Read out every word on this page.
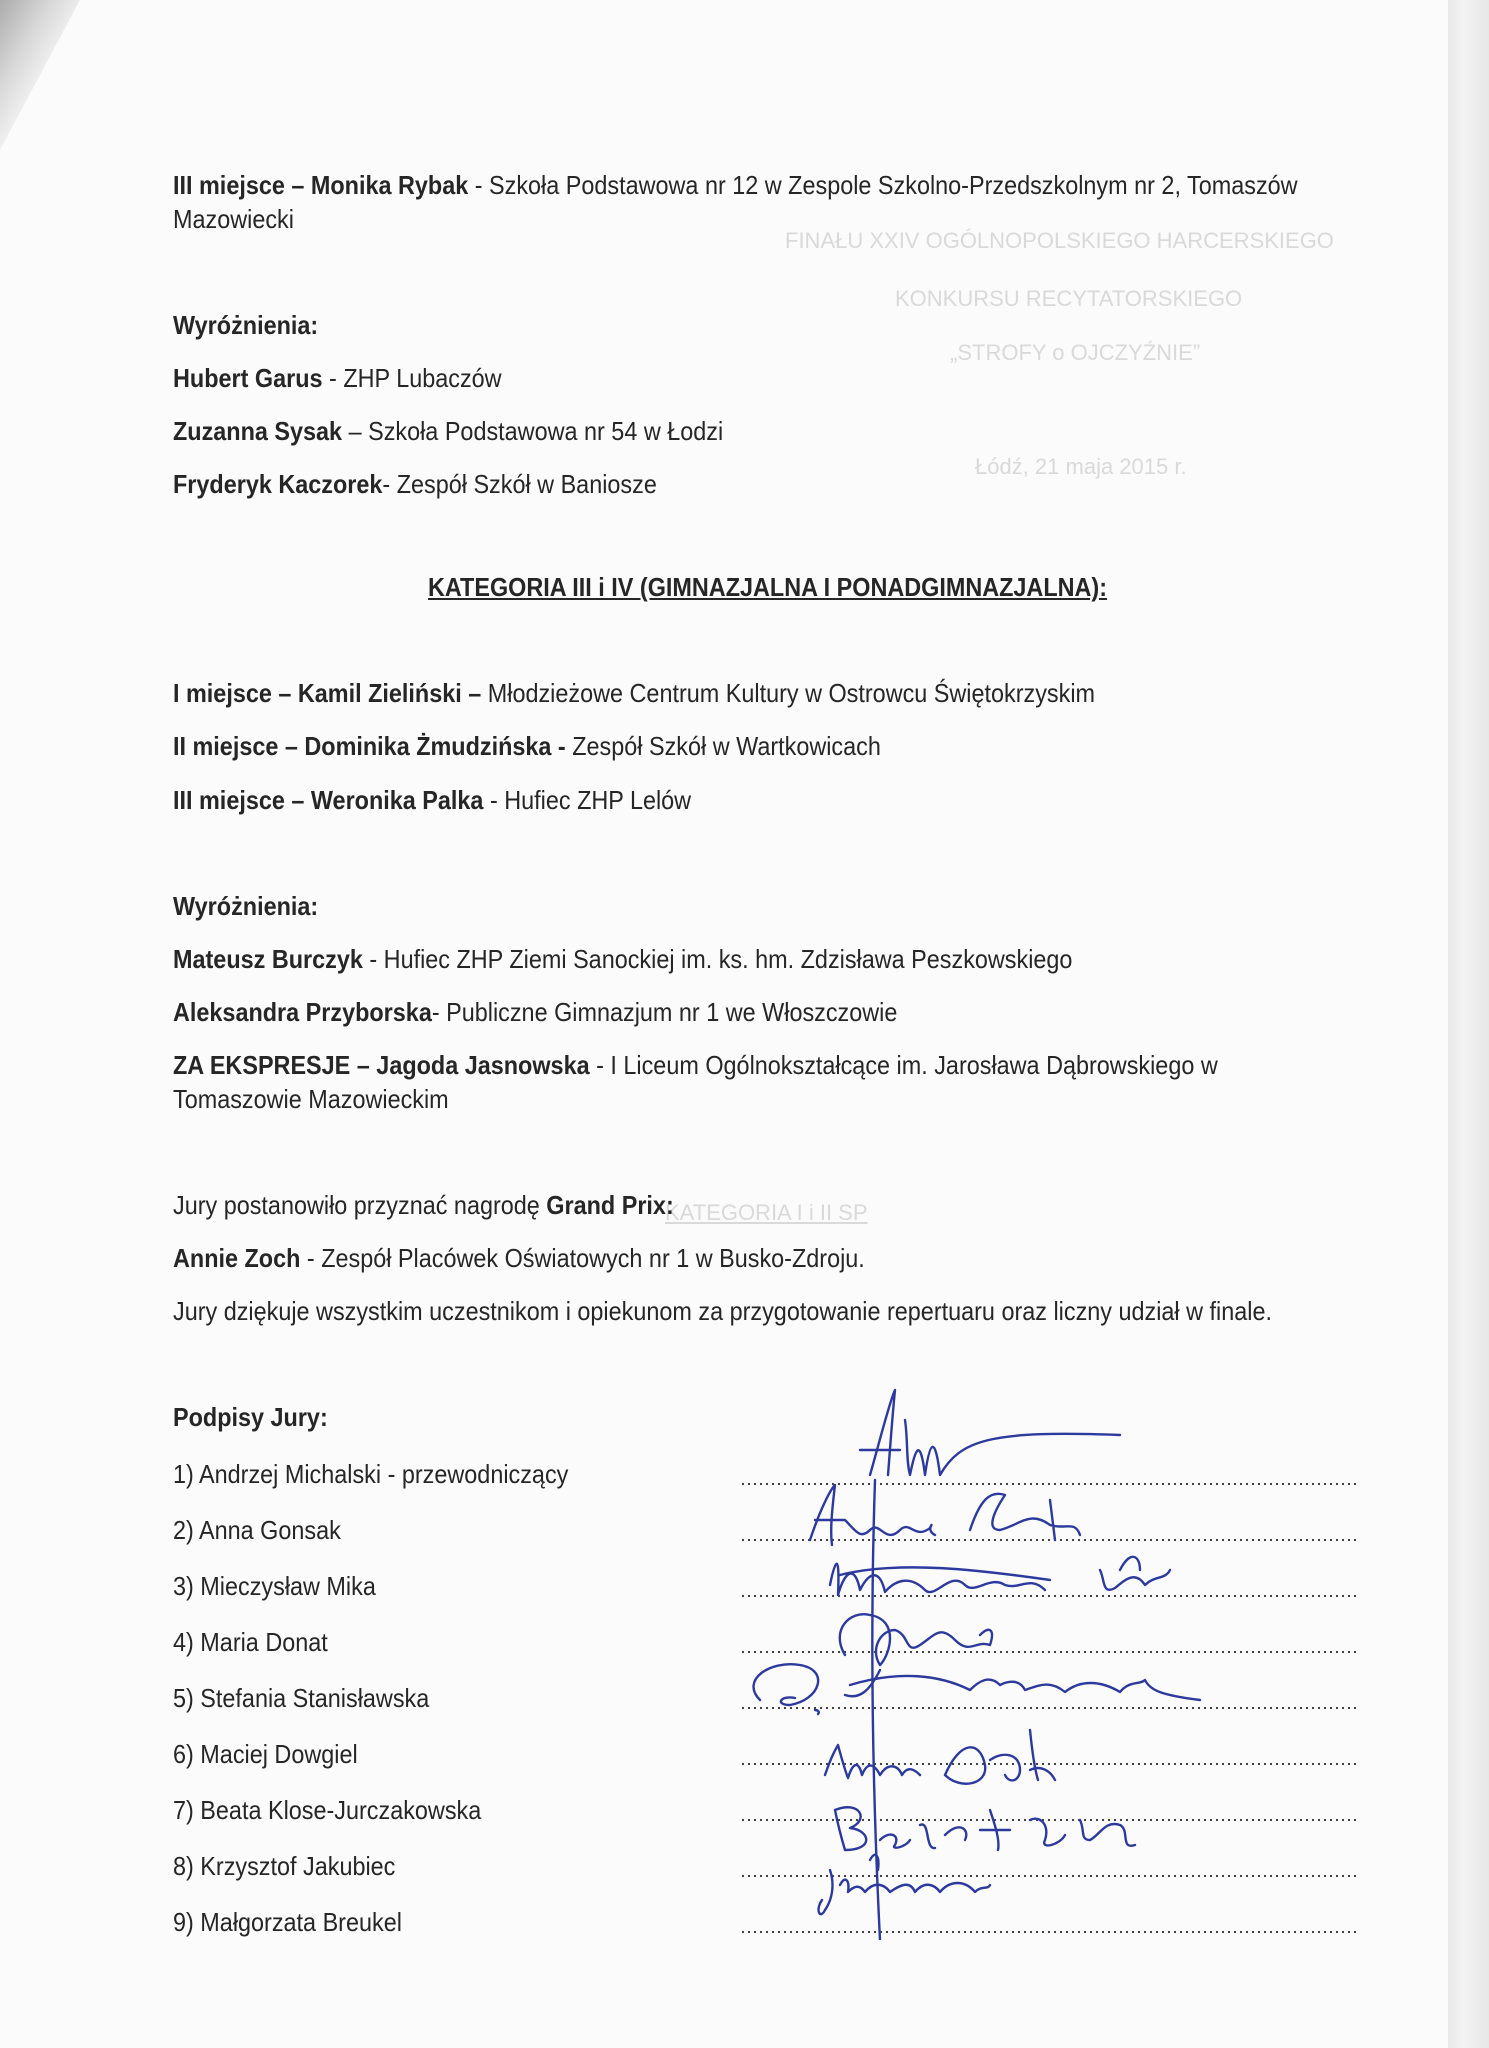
FINAŁU XXIV OGÓLNOPOLSKIEGO HARCERSKIEGO
KONKURSU RECYTATORSKIEGO
„STROFY o OJCZYŹNIE”
Łódź, 21 maja 2015 r.
KATEGORIA I i II SP
III miejsce – Monika Rybak - Szkoła Podstawowa nr 12 w Zespole Szkolno-Przedszkolnym nr 2, Tomaszów
Mazowiecki
Wyróżnienia:
Hubert Garus - ZHP Lubaczów
Zuzanna Sysak – Szkoła Podstawowa nr 54 w Łodzi
Fryderyk Kaczorek- Zespół Szkół w Baniosze
KATEGORIA III i IV (GIMNAZJALNA I PONADGIMNAZJALNA):
I miejsce – Kamil Zieliński – Młodzieżowe Centrum Kultury w Ostrowcu Świętokrzyskim
II miejsce – Dominika Żmudzińska - Zespół Szkół w Wartkowicach
III miejsce – Weronika Palka - Hufiec ZHP Lelów
Wyróżnienia:
Mateusz Burczyk - Hufiec ZHP Ziemi Sanockiej im. ks. hm. Zdzisława Peszkowskiego
Aleksandra Przyborska- Publiczne Gimnazjum nr 1 we Włoszczowie
ZA EKSPRESJE – Jagoda Jasnowska - I Liceum Ogólnokształcące im. Jarosława Dąbrowskiego w
Tomaszowie Mazowieckim
Jury postanowiło przyznać nagrodę Grand Prix:
Annie Zoch - Zespół Placówek Oświatowych nr 1 w Busko-Zdroju.
Jury dziękuje wszystkim uczestnikom i opiekunom za przygotowanie repertuaru oraz liczny udział w finale.
Podpisy Jury:
1) Andrzej Michalski - przewodniczący
2) Anna Gonsak
3) Mieczysław Mika
4) Maria Donat
5) Stefania Stanisławska
6) Maciej Dowgiel
7) Beata Klose-Jurczakowska
8) Krzysztof Jakubiec
9) Małgorzata Breukel
